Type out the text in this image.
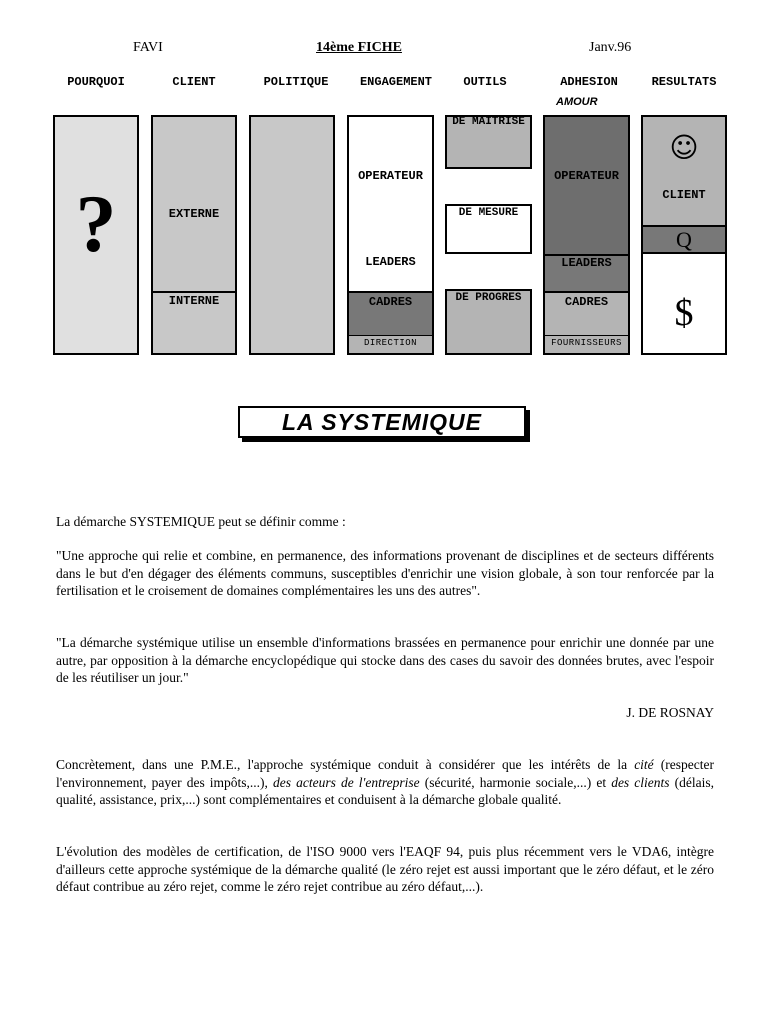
FAVI	14ème FICHE	Janv.96
POURQUOI	CLIENT	POLITIQUE	ENGAGEMENT	OUTILS	ADHESION	RESULTATS
AMOUR
?	EXTERNE
INTERNE
OPERATEUR
LEADERS
CADRES
DIRECTION
DE MAITRISE
DE MESURE
DE PROGRES
OPERATEUR
LEADERS
CADRES
FOURNISSEURS
☺
CLIENT
Q
$
LA SYSTEMIQUE
La démarche SYSTEMIQUE peut se définir comme :
"Une approche qui relie et combine, en permanence, des informations provenant de disciplines et de secteurs différents dans le but d'en dégager des éléments communs, susceptibles d'enrichir une vision globale, à son tour renforcée par la fertilisation et le croisement de domaines complémentaires les uns des autres".
"La démarche systémique utilise un ensemble d'informations brassées en permanence pour enrichir une donnée par une autre, par opposition à la démarche encyclopédique qui stocke dans des cases du savoir des données brutes, avec l'espoir de les réutiliser un jour."
J. DE ROSNAY
Concrètement, dans une P.M.E., l'approche systémique conduit à considérer que les intérêts de la cité (respecter l'environnement, payer des impôts,...), des acteurs de l'entreprise (sécurité, harmonie sociale,...) et des clients (délais, qualité, assistance, prix,...) sont complémentaires et conduisent à la démarche globale qualité.
L'évolution des modèles de certification, de l'ISO 9000 vers l'EAQF 94, puis plus récemment vers le VDA6, intègre d'ailleurs cette approche systémique de la démarche qualité (le zéro rejet est aussi important que le zéro défaut, et le zéro défaut contribue au zéro rejet, comme le zéro rejet contribue au zéro défaut,...).
